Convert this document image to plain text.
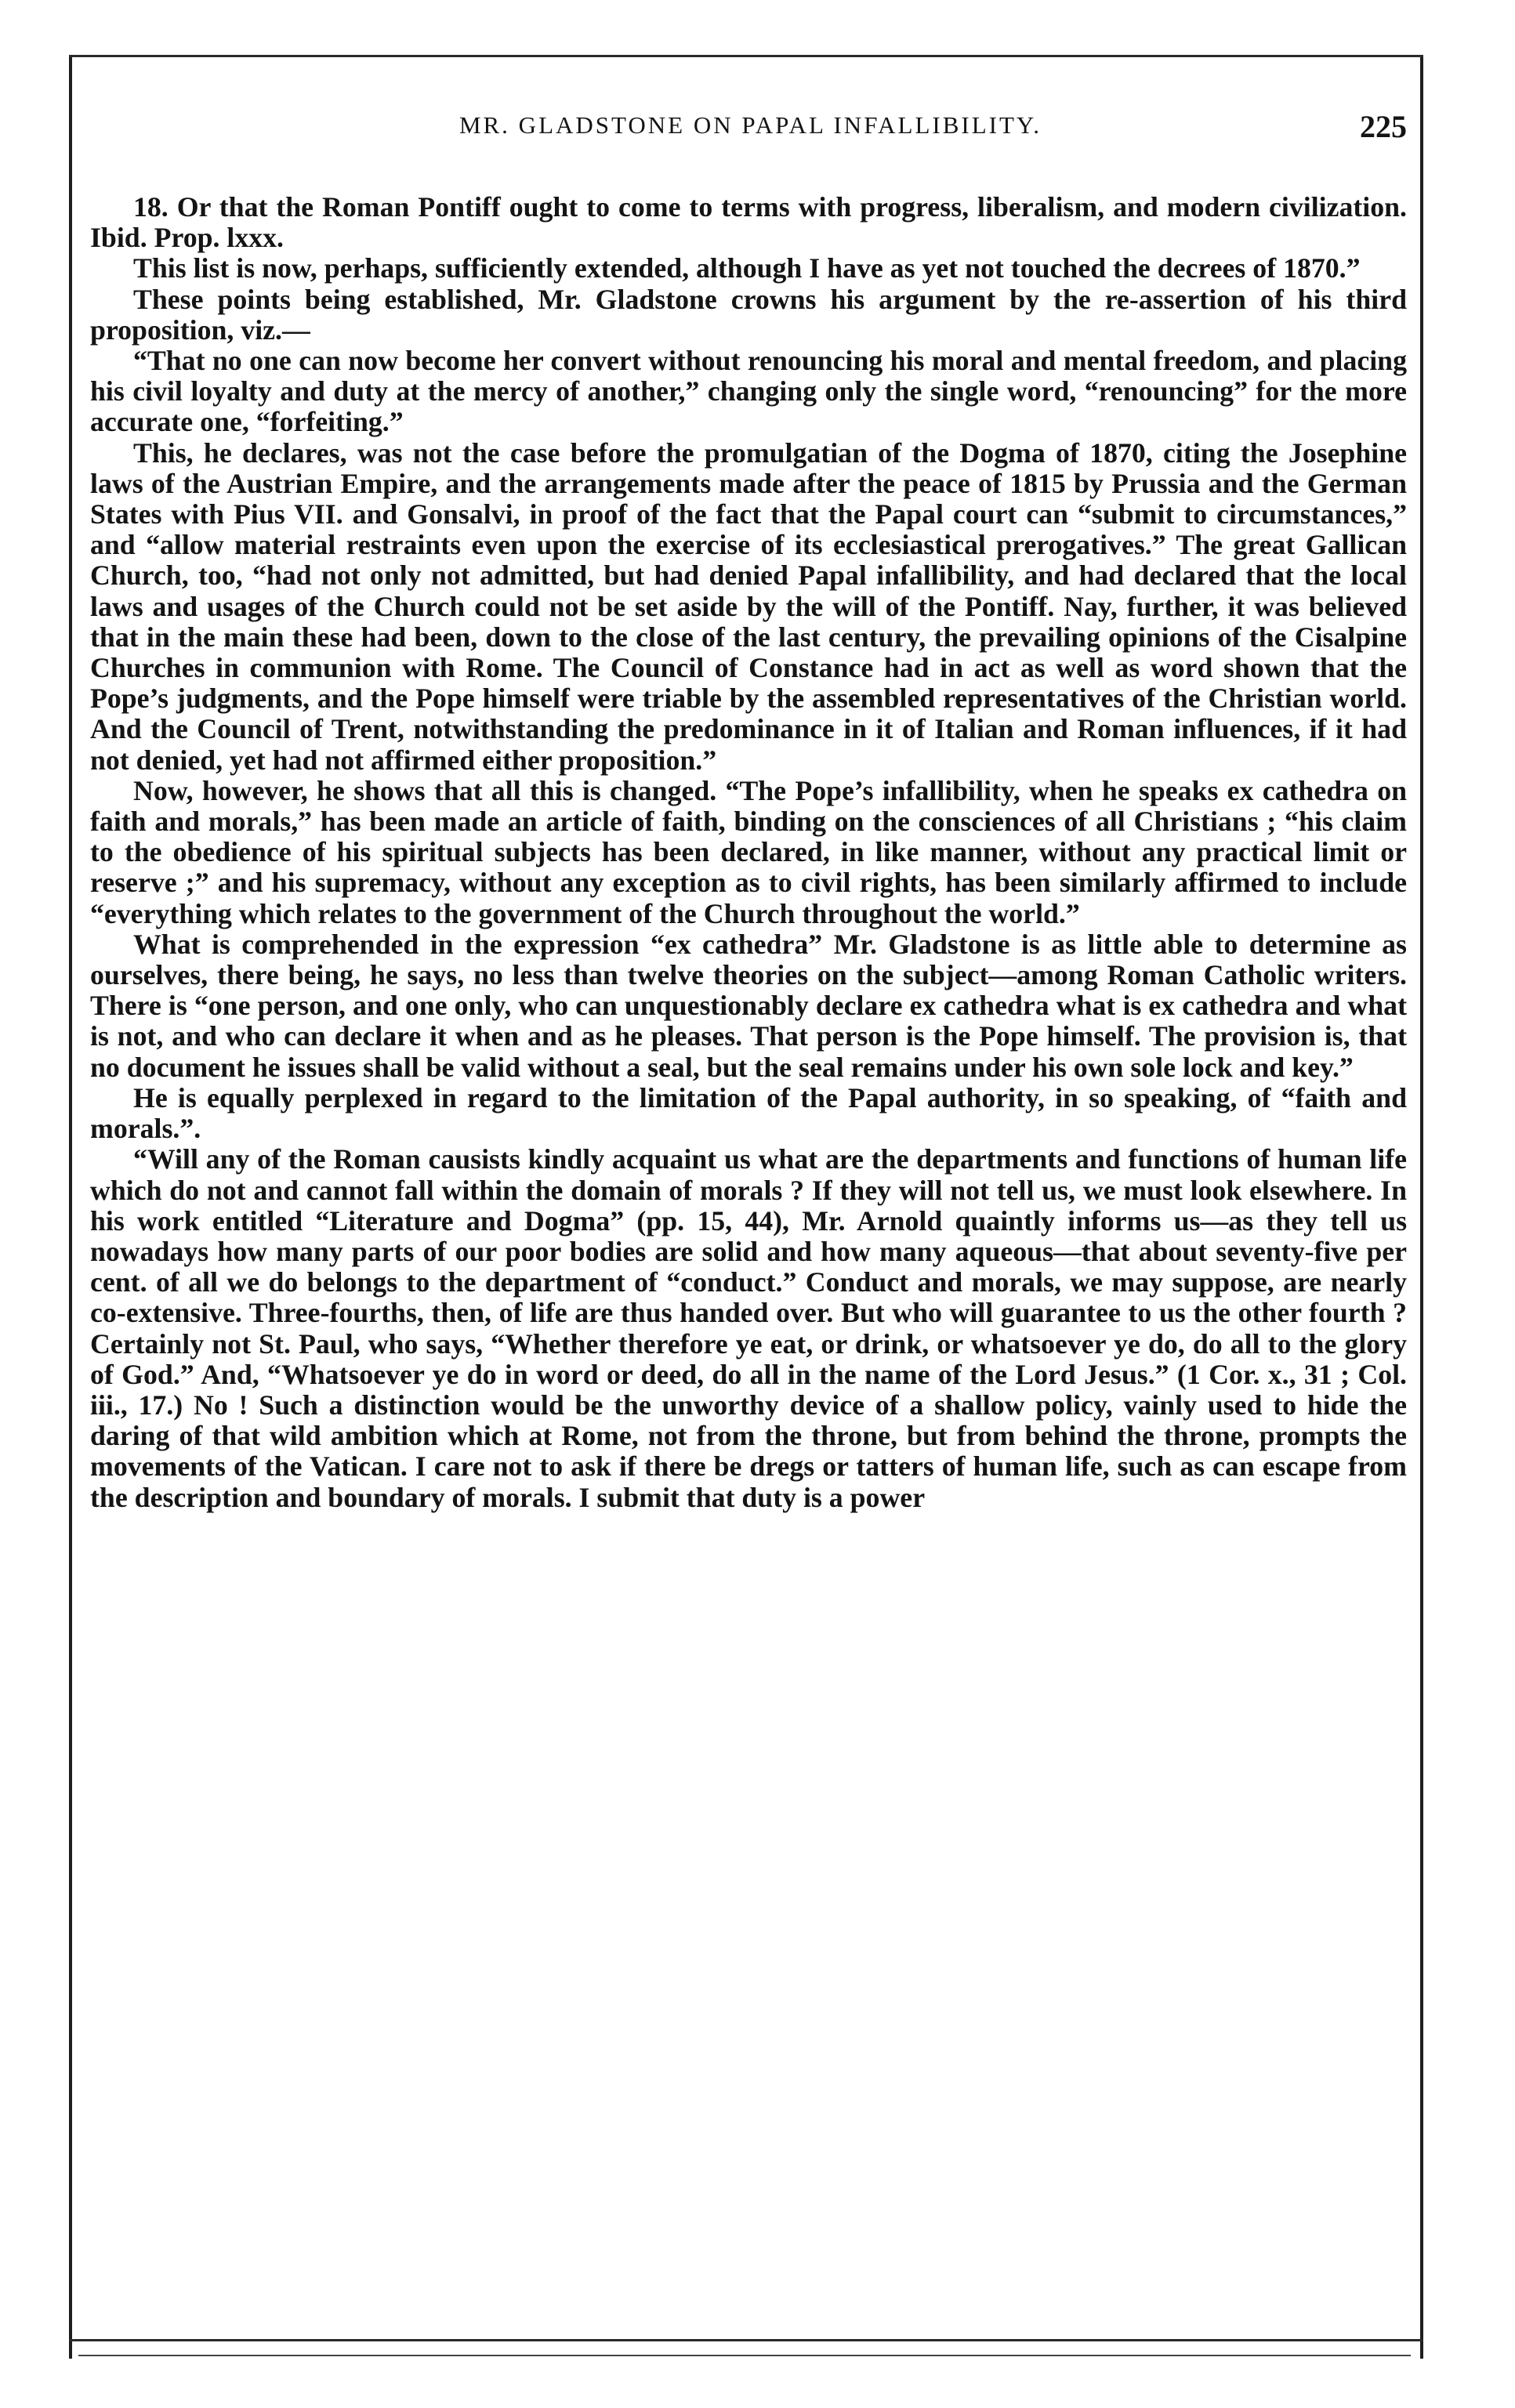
MR. GLADSTONE ON PAPAL INFALLIBILITY.	225

18. Or that the Roman Pontiff ought to come to terms with progress, liberalism, and modern civilization. Ibid. Prop. lxxx.

This list is now, perhaps, sufficiently extended, although I have as yet not touched the decrees of 1870.”

These points being established, Mr. Gladstone crowns his argument by the re-assertion of his third proposition, viz.—

“That no one can now become her convert without renouncing his moral and mental freedom, and placing his civil loyalty and duty at the mercy of another,” changing only the single word, “renouncing” for the more accurate one, “forfeiting.”

This, he declares, was not the case before the promulgatian of the Dogma of 1870, citing the Josephine laws of the Austrian Empire, and the arrangements made after the peace of 1815 by Prussia and the German States with Pius VII. and Gonsalvi, in proof of the fact that the Papal court can “submit to circumstances,” and “allow material restraints even upon the exercise of its ecclesiastical prerogatives.” The great Gallican Church, too, “had not only not admitted, but had denied Papal infallibility, and had declared that the local laws and usages of the Church could not be set aside by the will of the Pontiff. Nay, further, it was believed that in the main these had been, down to the close of the last century, the prevailing opinions of the Cisalpine Churches in communion with Rome. The Council of Constance had in act as well as word shown that the Pope’s judgments, and the Pope himself were triable by the assembled representatives of the Christian world. And the Council of Trent, notwithstanding the predominance in it of Italian and Roman influences, if it had not denied, yet had not affirmed either proposition.”

Now, however, he shows that all this is changed. “The Pope’s infallibility, when he speaks ex cathedra on faith and morals,” has been made an article of faith, binding on the consciences of all Christians ; “his claim to the obedience of his spiritual subjects has been declared, in like manner, without any practical limit or reserve ;” and his supremacy, without any exception as to civil rights, has been similarly affirmed to include “everything which relates to the government of the Church throughout the world.”

What is comprehended in the expression “ex cathedra” Mr. Gladstone is as little able to determine as ourselves, there being, he says, no less than twelve theories on the subject—among Roman Catholic writers. There is “one person, and one only, who can unquestionably declare ex cathedra what is ex cathedra and what is not, and who can declare it when and as he pleases. That person is the Pope himself. The provision is, that no document he issues shall be valid without a seal, but the seal remains under his own sole lock and key.”

He is equally perplexed in regard to the limitation of the Papal authority, in so speaking, of “faith and morals.”.

“Will any of the Roman causists kindly acquaint us what are the departments and functions of human life which do not and cannot fall within the domain of morals ? If they will not tell us, we must look elsewhere. In his work entitled “Literature and Dogma” (pp. 15, 44), Mr. Arnold quaintly informs us—as they tell us nowadays how many parts of our poor bodies are solid and how many aqueous—that about seventy-five per cent. of all we do belongs to the department of “conduct.” Conduct and morals, we may suppose, are nearly co-extensive. Three-fourths, then, of life are thus handed over. But who will guarantee to us the other fourth ? Certainly not St. Paul, who says, “Whether therefore ye eat, or drink, or whatsoever ye do, do all to the glory of God.” And, “Whatsoever ye do in word or deed, do all in the name of the Lord Jesus.” (1 Cor. x., 31 ; Col. iii., 17.) No ! Such a distinction would be the unworthy device of a shallow policy, vainly used to hide the daring of that wild ambition which at Rome, not from the throne, but from behind the throne, prompts the movements of the Vatican. I care not to ask if there be dregs or tatters of human life, such as can escape from the description and boundary of morals. I submit that duty is a power
